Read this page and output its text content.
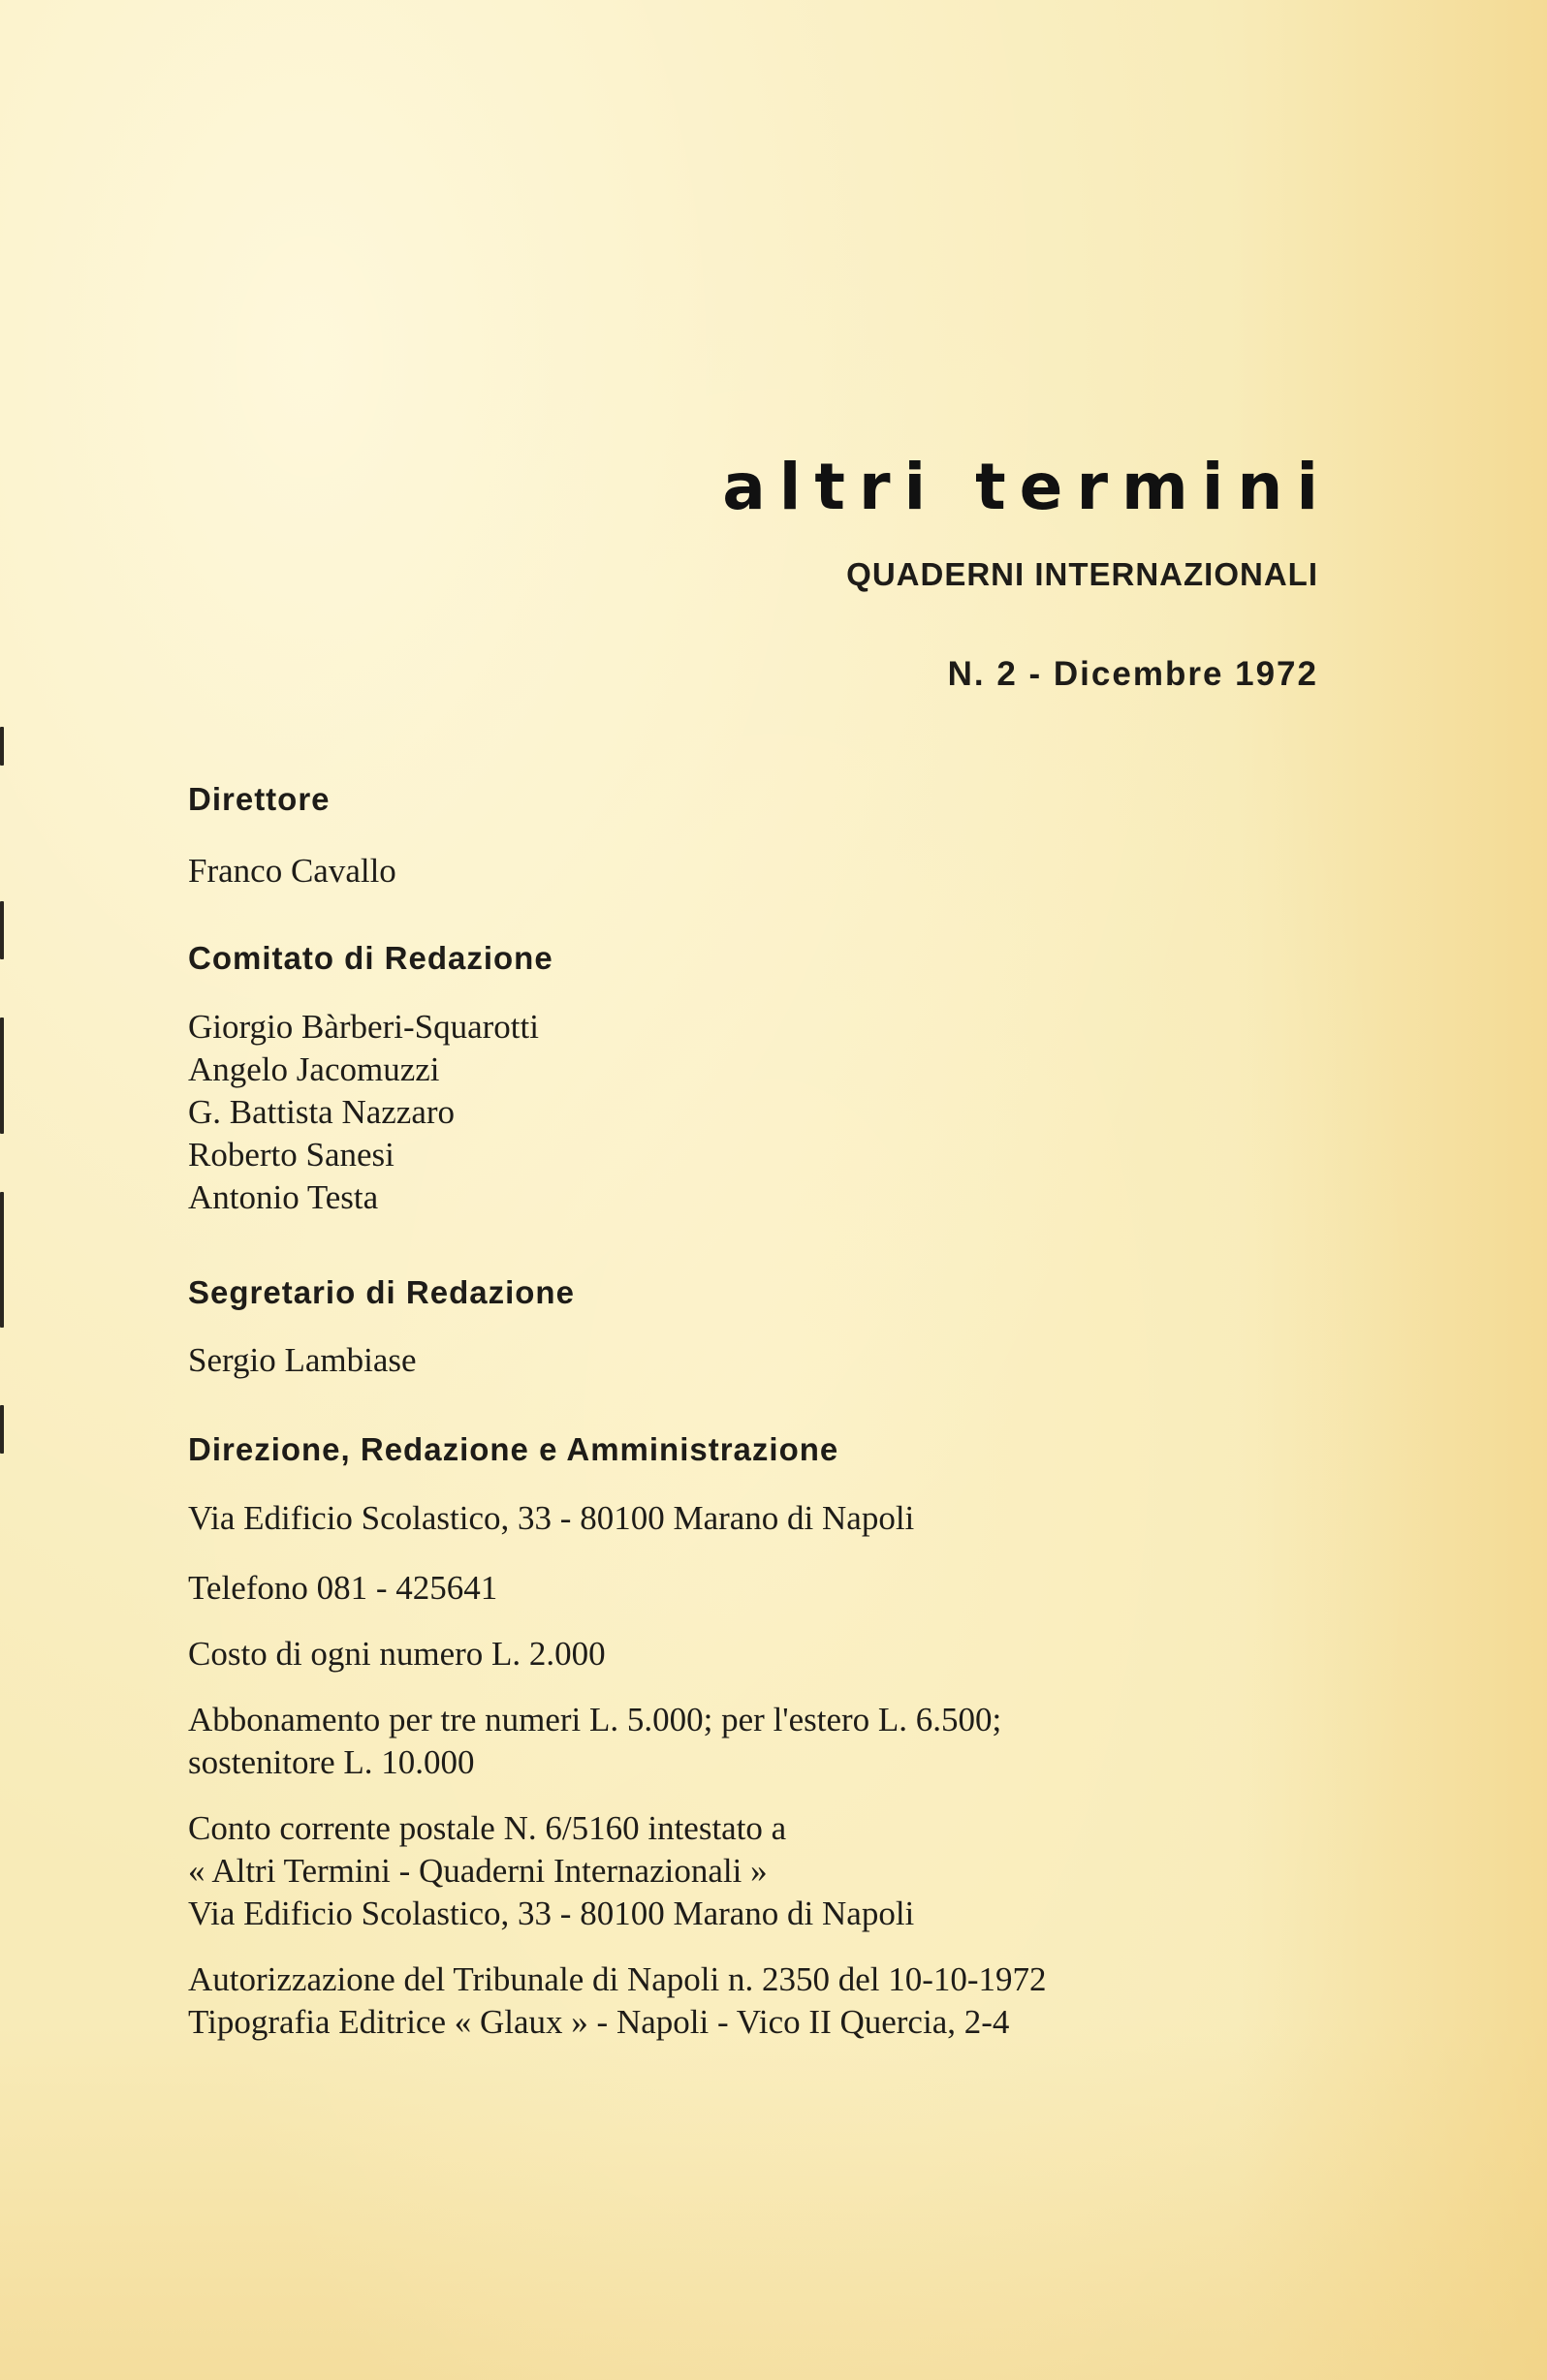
altri termini
QUADERNI INTERNAZIONALI
N. 2 - Dicembre 1972

Direttore

Franco Cavallo

Comitato di Redazione

Giorgio Bàrberi-Squarotti

Angelo Jacomuzzi

G. Battista Nazzaro

Roberto Sanesi

Antonio Testa

Segretario di Redazione

Sergio Lambiase

Direzione, Redazione e Amministrazione

Via Edificio Scolastico, 33 - 80100 Marano di Napoli

Telefono 081 - 425641

Costo di ogni numero L. 2.000

Abbonamento per tre numeri L. 5.000; per l'estero L. 6.500;

sostenitore L. 10.000

Conto corrente postale N. 6/5160 intestato a

« Altri Termini - Quaderni Internazionali »

Via Edificio Scolastico, 33 - 80100 Marano di Napoli

Autorizzazione del Tribunale di Napoli n. 2350 del 10-10-1972

Tipografia Editrice « Glaux » - Napoli - Vico II Quercia, 2-4
